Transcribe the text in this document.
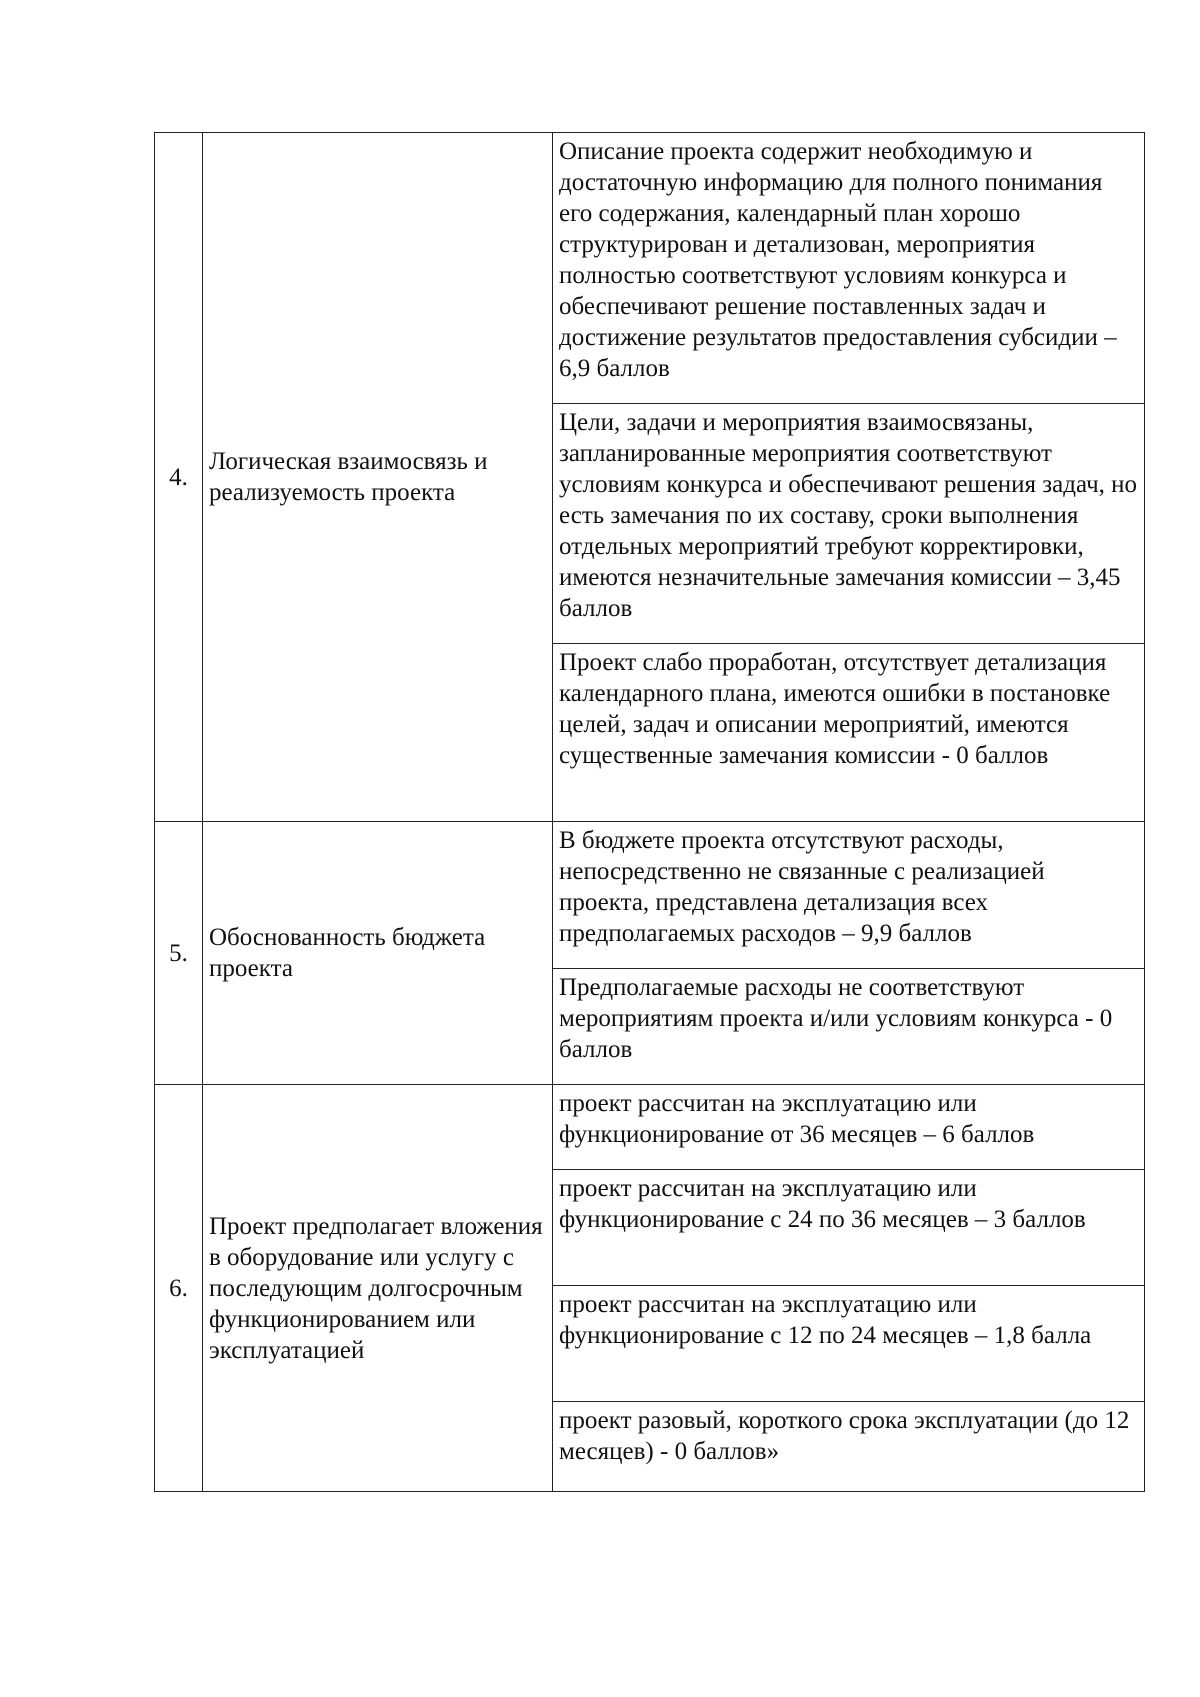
4.	Логическая взаимосвязь и реализуемость проекта	Описание проекта содержит необходимую и достаточную информацию для полного понимания его содержания, календарный план хорошо структурирован и детализован, мероприятия полностью соответствуют условиям конкурса и обеспечивают решение поставленных задач и достижение результатов предоставления субсидии – 6,9 баллов

		Цели, задачи и мероприятия взаимосвязаны, запланированные мероприятия соответствуют условиям конкурса и обеспечивают решения задач, но есть замечания по их составу, сроки выполнения отдельных мероприятий требуют корректировки, имеются незначительные замечания комиссии – 3,45 баллов

		Проект слабо проработан, отсутствует детализация календарного плана, имеются ошибки в постановке целей, задач и описании мероприятий, имеются существенные замечания комиссии - 0 баллов

5.	Обоснованность бюджета проекта	В бюджете проекта отсутствуют расходы, непосредственно не связанные с реализацией проекта, представлена детализация всех предполагаемых расходов – 9,9 баллов

		Предполагаемые расходы не соответствуют мероприятиям проекта и/или условиям конкурса - 0 баллов

6.	Проект предполагает вложения в оборудование или услугу с последующим долгосрочным функционированием или эксплуатацией	проект рассчитан на эксплуатацию или функционирование от 36 месяцев – 6 баллов

		проект рассчитан на эксплуатацию или функционирование с 24 по 36 месяцев – 3 баллов

		проект рассчитан на эксплуатацию или функционирование с 12 по 24 месяцев – 1,8 балла

		проект разовый, короткого срока эксплуатации (до 12 месяцев) - 0 баллов»
